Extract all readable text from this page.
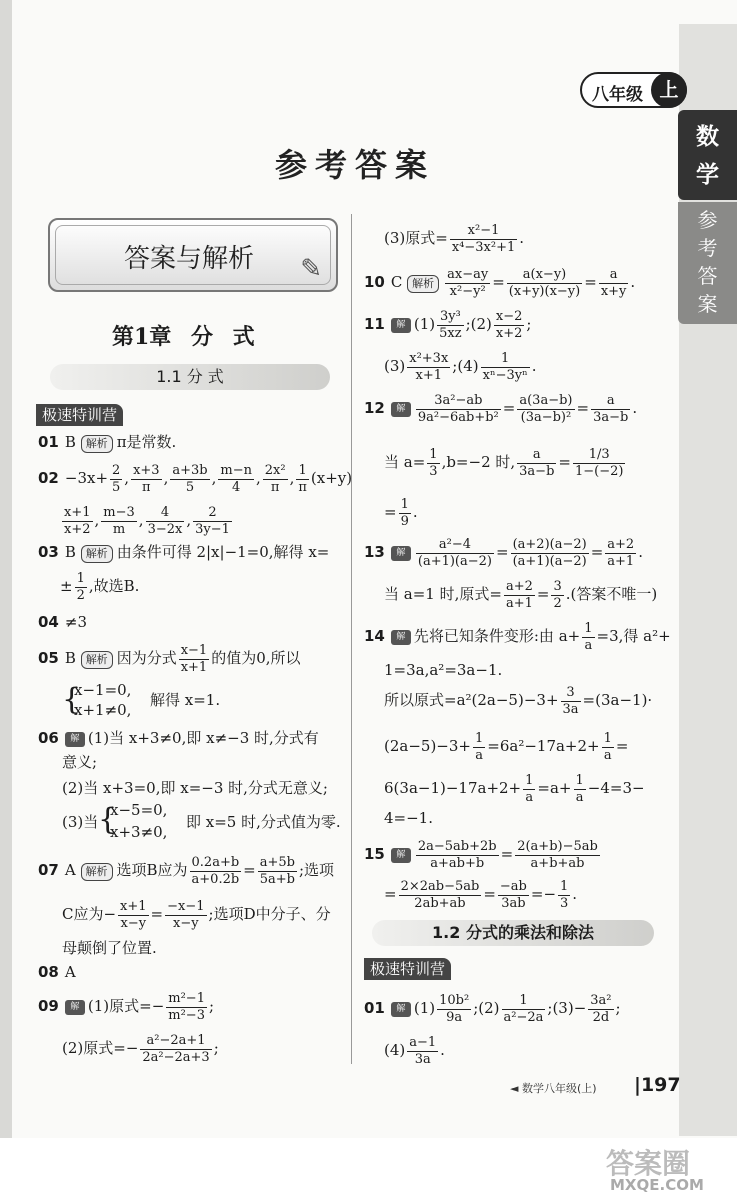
八年级 上
数学
参考答案
参考答案
答案与解析 ✎
第1章 分 式
1.1 分 式
极速特训营
01 B 解析 π是常数.
$02 -3x+ \frac{2}{5}$ , $\frac{x+3}{\pi}$ , $\frac{a+3b}{5}$ , $\frac{m-n}{4}$ , $\frac{\text{2x²}}{\pi}$ , $\frac{1}{\pi} (x+y)$
$\frac{x+1}{x+2}$ , $\frac{m-3}{m}$ , $\frac{4}{3-2x}$ , $\frac{2}{3y-1}$
03 B 解析 由条件可得 2|x|−1=0,解得 x=
± $\frac{1}{2}$ ,故选B.
04 ≠3
05 B 解析 因为分式 $\frac{x-1}{x+1}$ 的值为0,所以
{
x−1=0,
x+1≠0,
解得 x=1.
06 解 (1)当 x+3≠0,即 x≠−3 时,分式有
意义;
(2)当 x+3=0,即 x=−3 时,分式无意义;
(3)当 {
x−5=0,
x+3≠0,
即 x=5 时,分式值为零.
07 A 解析 选项B应为 $\frac{0.2a+b}{a+0.2b} = \frac{a+5b}{5a+b}$ ;选项
C应为− $\frac{x+1}{x-y} = \frac{-x-1}{x-y}$ ;选项D中分子、分
母颠倒了位置.
08 A
09 解 (1)原式=− $\frac{\text{m²−1}}{\text{m²−3}}$ ;
(2)原式=− $\frac{\text{a²−2a+1}}{\text{2a²−2a+3}}$ ;
(3)原式= $\frac{\text{x²−1}}{\text{x⁴−3x²+1}}$ .
10 C 解析 $\frac{ax-ay}{\text{x²−y²}} = \frac{a(x-y)}{(x+y)(x-y)} = \frac{a}{x+y}$ .
11 解 $(1) \frac{\text{3y³}}{5xz}$ ;(2) $\frac{x-2}{x+2}$ ;
$(3) \frac{\text{x²+3x}}{x+1}$ ;(4) $\frac{1}{\text{xⁿ−3yⁿ}}$ .
12 解 $\frac{\text{3a²−ab}}{\text{9a²−6ab+b²}} = \frac{a(3a-b)}{\text{(3a−b)²}} = \frac{a}{3a-b}$ .
当 $a= \frac{1}{3} ,b=-2$ 时, $\frac{a}{3a-b} = \frac{1/3}{1-(-2)}$
= $\frac{1}{9}$ .
13 解 $\frac{\text{a²−4}}{(a+1)(a-2)} = \frac{(a+2)(a-2)}{(a+1)(a-2)} = \frac{a+2}{a+1}$ .
当 a=1 时,原式= $\frac{a+2}{a+1} = \frac{3}{2}$ .(答案不唯一)
14 解 先将已知条件变形:由 $a+ \frac{1}{a} =3$,得 a²+
1=3a,a²=3a−1.
所以原式$=a^2(2a-5)-3+ \frac{3}{3a} =(3a-1)\cdot$
$(2a-5)-3+ \frac{1}{a} =6a^2-17a+2+ \frac{1}{a}$ =
$6(3a-1)-17a+2+ \frac{1}{a} =a+ \frac{1}{a} -4=3-$
4=−1.
15 解 $\frac{2a-5ab+2b}{a+ab+b} = \frac{2(a+b)-5ab}{a+b+ab}$
= $\frac{2\times 2ab-5ab}{2ab+ab} = \frac{-ab}{3ab} =- \frac{1}{3}$ .
1.2 分式的乘法和除法
极速特训营
01 解 $(1) \frac{\text{10b²}}{9a}$ ;(2) $\frac{1}{\text{a²−2a}}$ ;(3)− $\frac{\text{3a²}}{2d}$ ;
$(4) \frac{a-1}{3a}$ .
◄ 数学八年级(上) |197
答案圈
MXQE.COM
